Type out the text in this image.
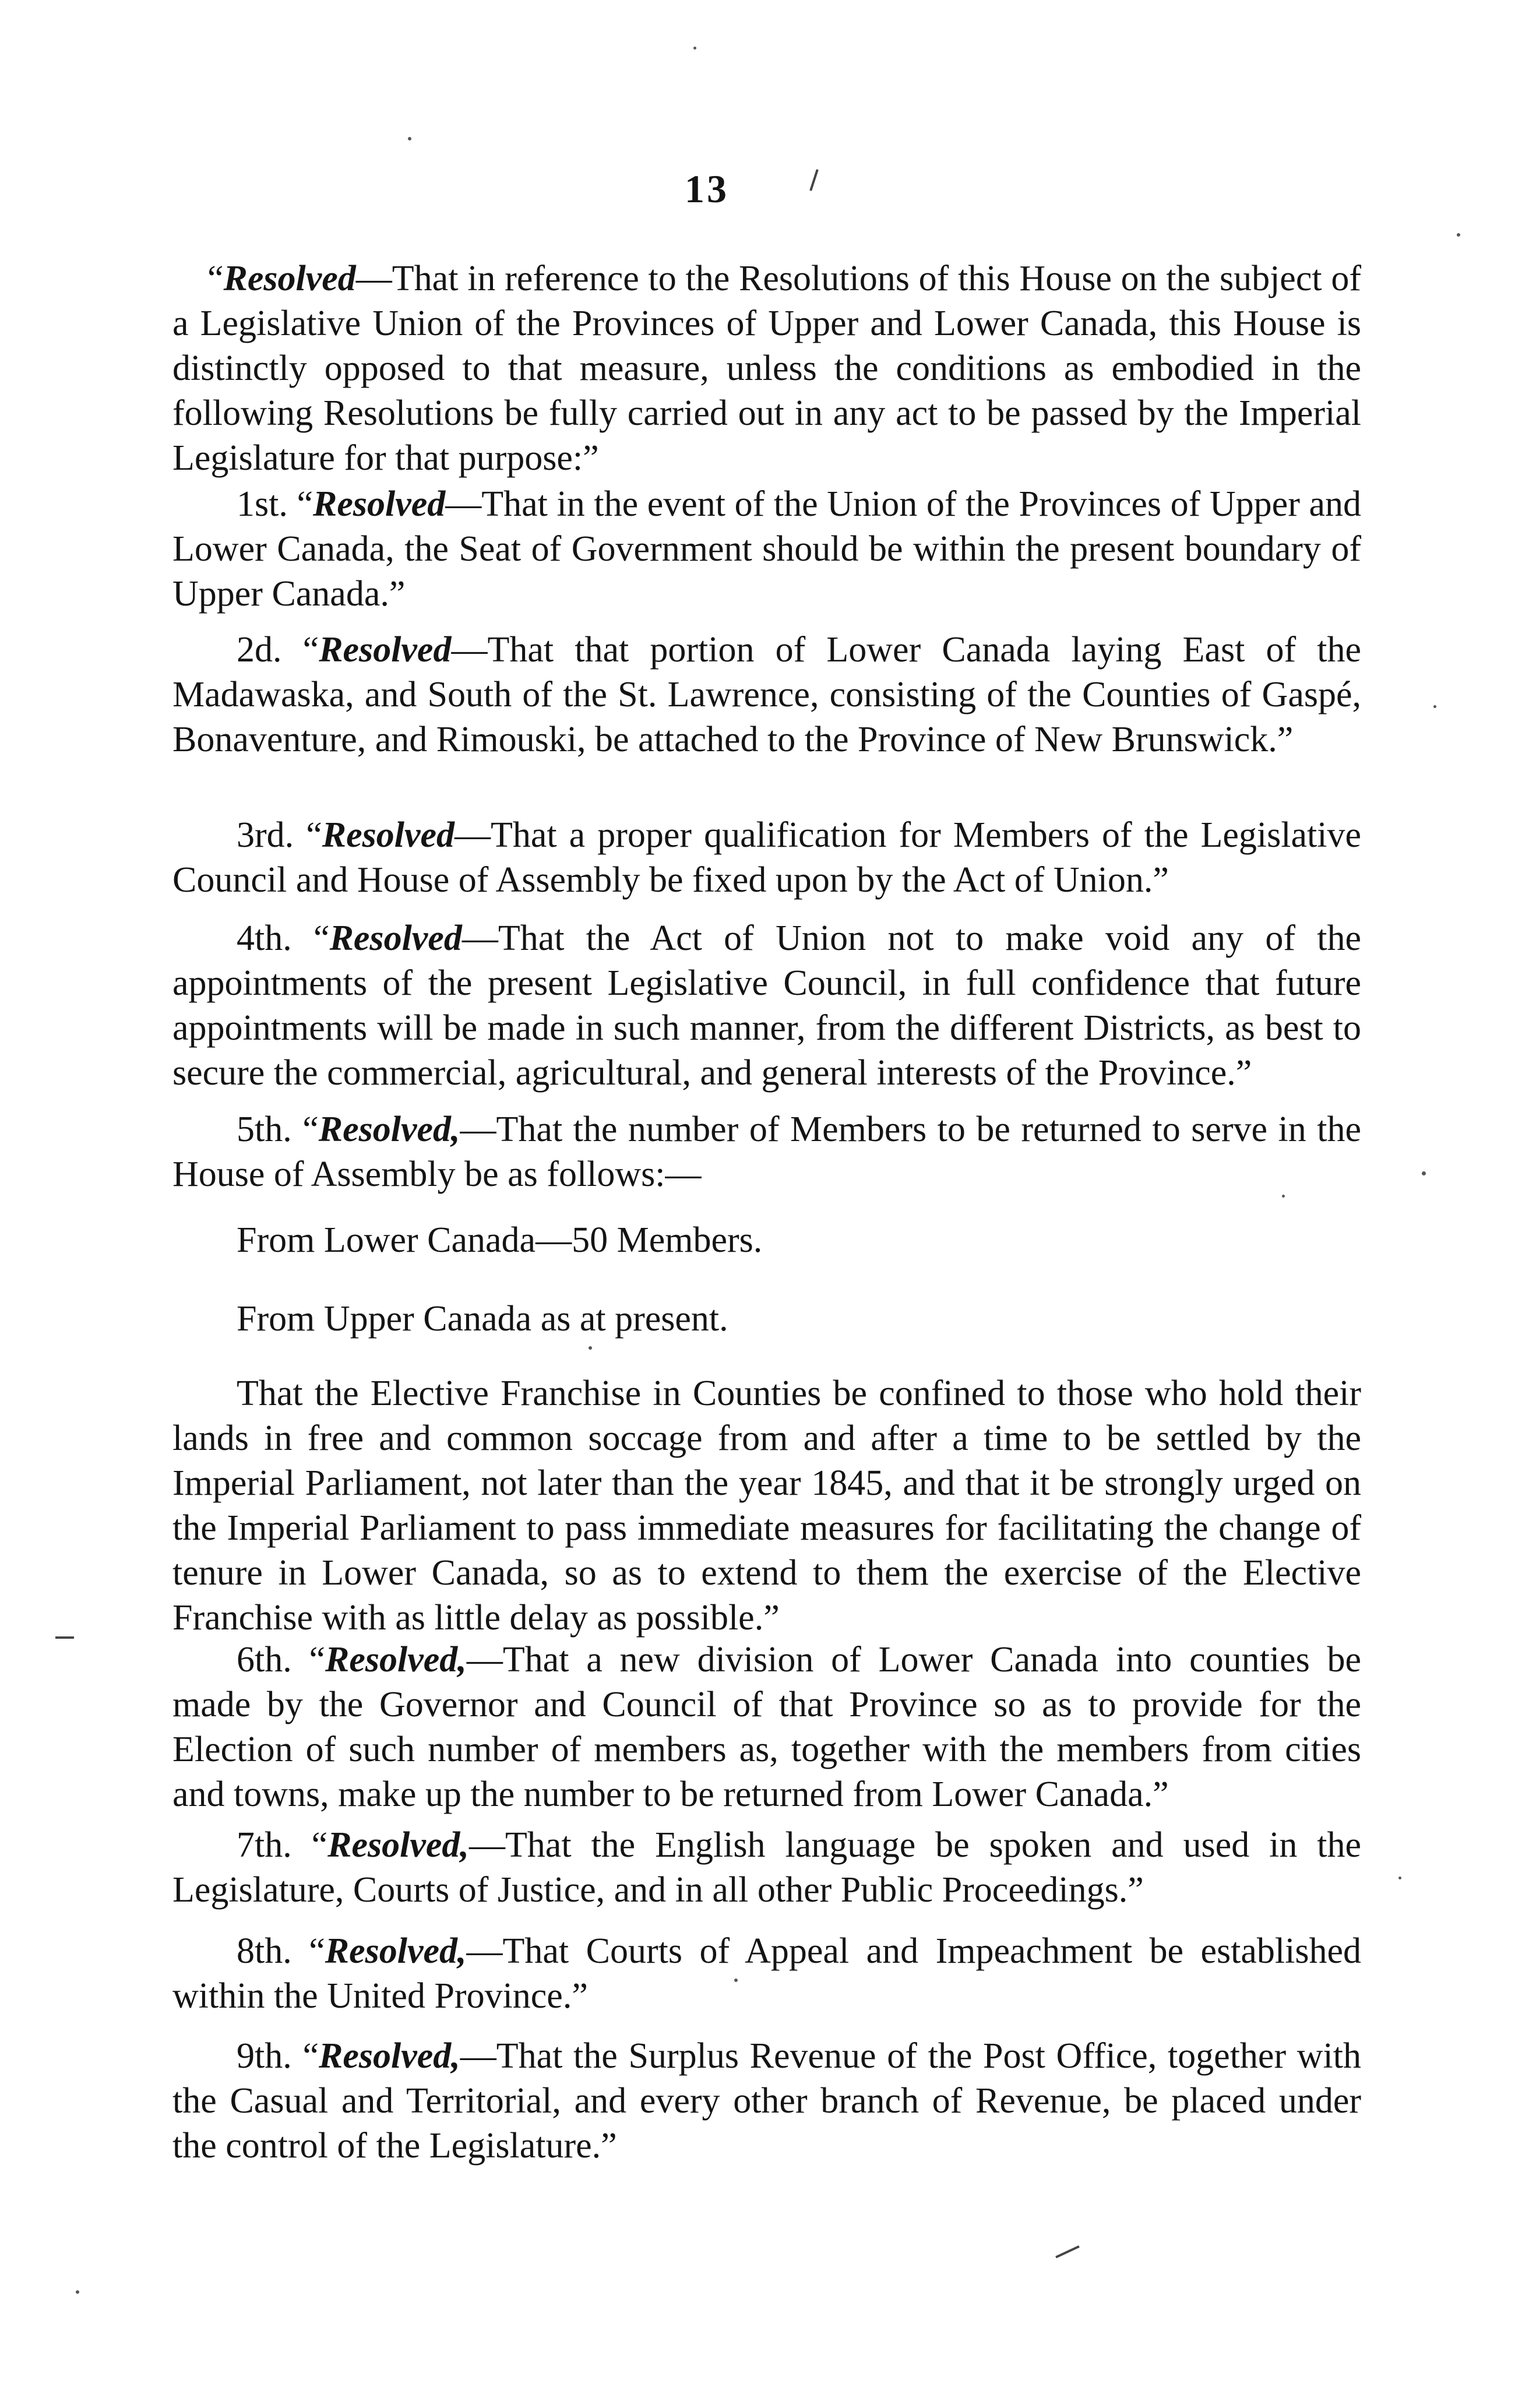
13

“Resolved—That in reference to the Resolutions of this House on the subject of a Legislative Union of the Provinces of Upper and Lower Canada, this House is distinctly opposed to that measure, unless the conditions as embodied in the following Resolutions be fully carried out in any act to be passed by the Imperial Legislature for that purpose:”

1st. “Resolved—That in the event of the Union of the Provinces of Upper and Lower Canada, the Seat of Government should be within the present boundary of Upper Canada.”

2d. “Resolved—That that portion of Lower Canada laying East of the Madawaska, and South of the St. Lawrence, consisting of the Counties of Gaspé, Bonaventure, and Rimouski, be attached to the Province of New Brunswick.”

3rd. “Resolved—That a proper qualification for Members of the Legislative Council and House of Assembly be fixed upon by the Act of Union.”

4th. “Resolved—That the Act of Union not to make void any of the appointments of the present Legislative Council, in full confidence that future appointments will be made in such manner, from the different Districts, as best to secure the commercial, agricultural, and general interests of the Province.”

5th. “Resolved,—That the number of Members to be returned to serve in the House of Assembly be as follows:—

From Lower Canada—50 Members.
From Upper Canada as at present.

That the Elective Franchise in Counties be confined to those who hold their lands in free and common soccage from and after a time to be settled by the Imperial Parliament, not later than the year 1845, and that it be strongly urged on the Imperial Parliament to pass immediate measures for facilitating the change of tenure in Lower Canada, so as to extend to them the exercise of the Elective Franchise with as little delay as possible.”

6th. “Resolved,—That a new division of Lower Canada into counties be made by the Governor and Council of that Province so as to provide for the Election of such number of members as, together with the members from cities and towns, make up the number to be returned from Lower Canada.”

7th. “Resolved,—That the English language be spoken and used in the Legislature, Courts of Justice, and in all other Public Proceedings.”

8th. “Resolved,—That Courts of Appeal and Impeachment be established within the United Province.”

9th. “Resolved,—That the Surplus Revenue of the Post Office, together with the Casual and Territorial, and every other branch of Revenue, be placed under the control of the Legislature.”
